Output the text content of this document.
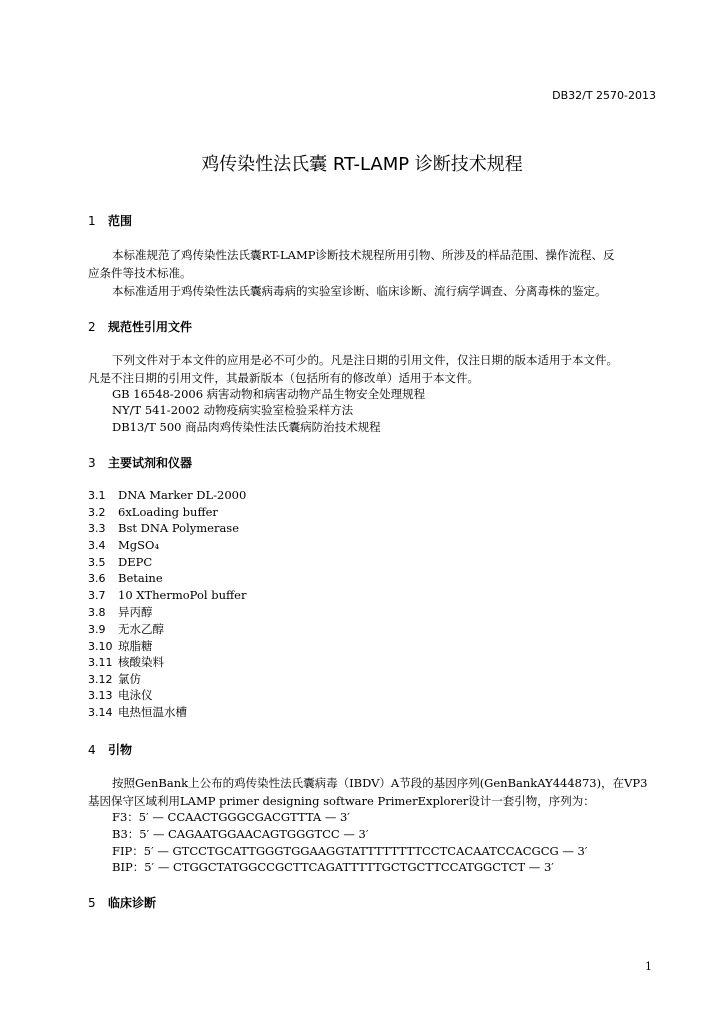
DB32/T 2570-2013
鸡传染性法氏囊 RT-LAMP 诊断技术规程
1 范围
本标准规范了鸡传染性法氏囊RT-LAMP诊断技术规程所用引物、所涉及的样品范围、操作流程、反
应条件等技术标准。
本标准适用于鸡传染性法氏囊病毒病的实验室诊断、临床诊断、流行病学调查、分离毒株的鉴定。
2 规范性引用文件
下列文件对于本文件的应用是必不可少的。凡是注日期的引用文件，仅注日期的版本适用于本文件。
凡是不注日期的引用文件，其最新版本（包括所有的修改单）适用于本文件。
GB 16548-2006 病害动物和病害动物产品生物安全处理规程
NY/T 541-2002 动物疫病实验室检验采样方法
DB13/T 500 商品肉鸡传染性法氏囊病防治技术规程
3 主要试剂和仪器
3.1 DNA Marker DL-2000
3.2 6xLoading buffer
3.3 Bst DNA Polymerase
3.4 MgSO₄
3.5 DEPC
3.6 Betaine
3.7 10 XThermoPol buffer
3.8 异丙醇
3.9 无水乙醇
3.10 琼脂糖
3.11 核酸染料
3.12 氯仿
3.13 电泳仪
3.14 电热恒温水槽
4 引物
按照GenBank上公布的鸡传染性法氏囊病毒（IBDV）A节段的基因序列(GenBankAY444873)，在VP3
基因保守区域利用LAMP primer designing software PrimerExplorer设计一套引物，序列为：
F3：5′ — CCAACTGGGCGACGTTTA — 3′
B3：5′ — CAGAATGGAACAGTGGGTCC — 3′
FIP：5′ — GTCCTGCATTGGGTGGAAGGTATTTTTTTTCCTCACAATCCACGCG — 3′
BIP：5′ — CTGGCTATGGCCGCTTCAGATTTTTGCTGCTTCCATGGCTCT — 3′
5 临床诊断
1
